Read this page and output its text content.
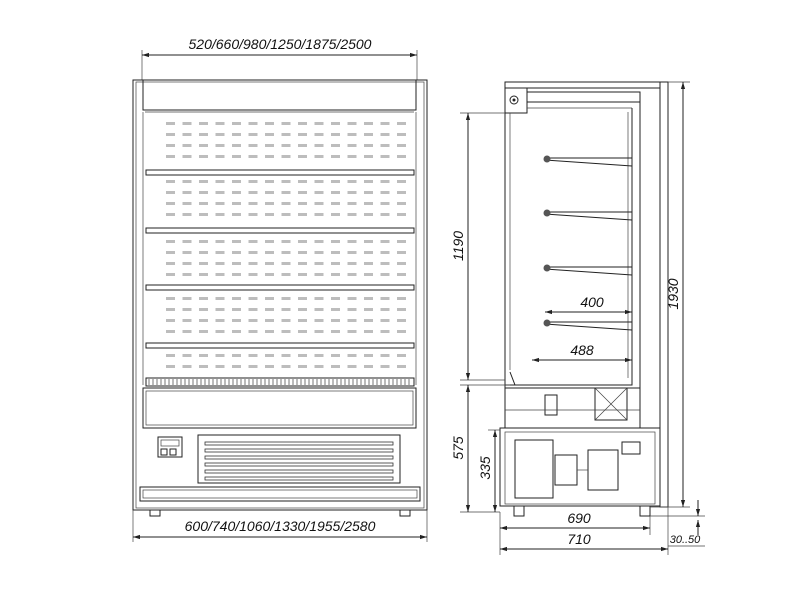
520/660/980/1250/1875/2500
600/740/1060/1330/1955/2580
400
488
1190
575
335
1930
690
710	30..50
